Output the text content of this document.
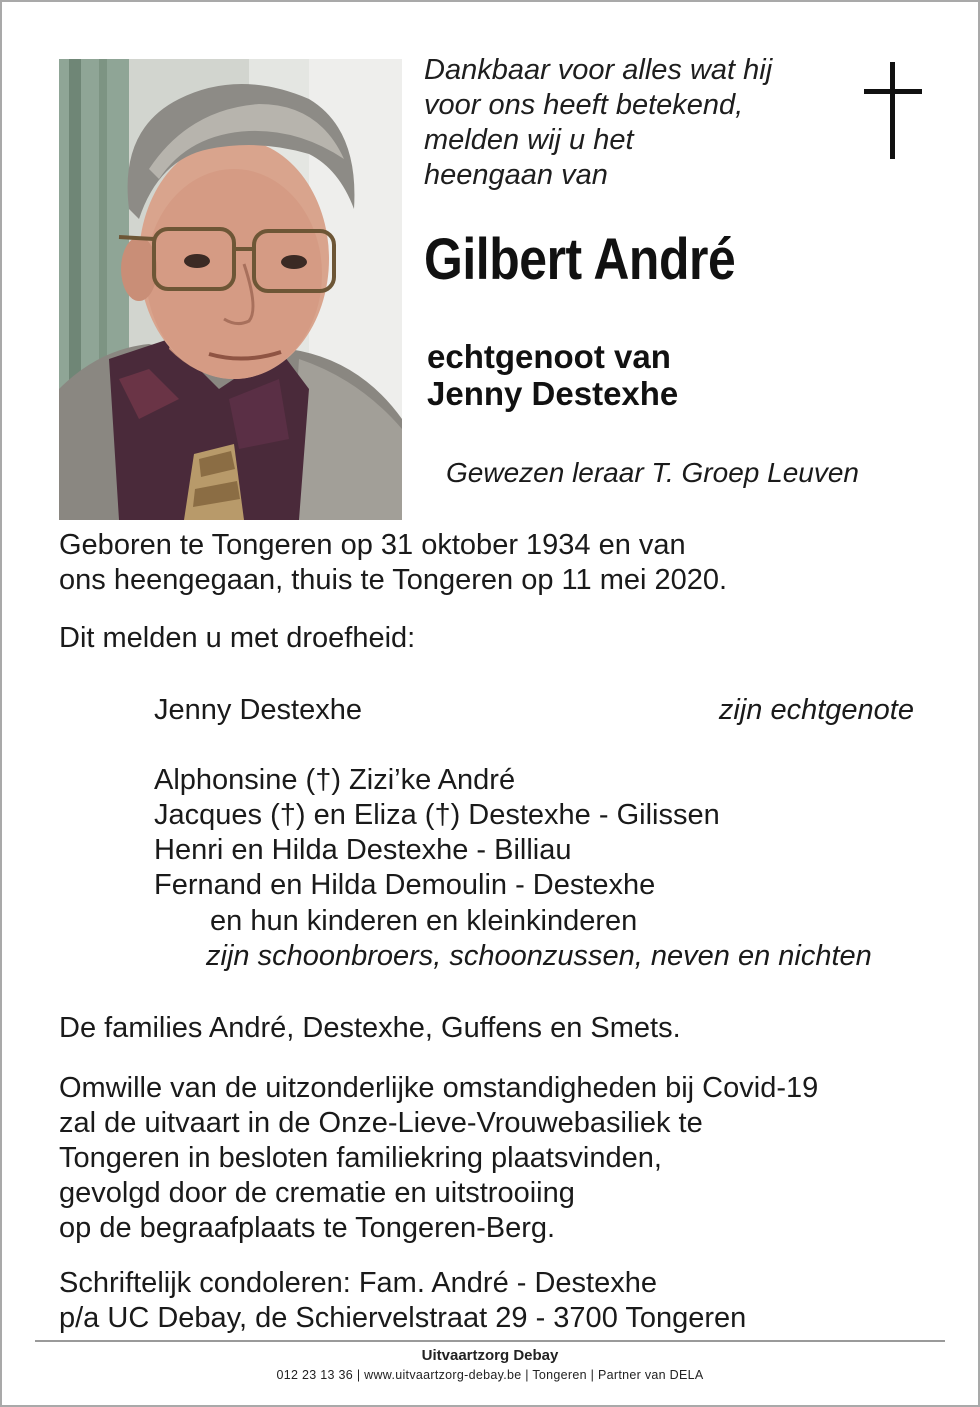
Dankbaar voor alles wat hij
voor ons heeft betekend,
melden wij u het
heengaan van
Gilbert André
echtgenoot van
Jenny Destexhe
Gewezen leraar T. Groep Leuven
Geboren te Tongeren op 31 oktober 1934 en van
ons heengegaan, thuis te Tongeren op 11 mei 2020.
Dit melden u met droefheid:
Jenny Destexhe	zijn echtgenote
Alphonsine (†) Zizi’ke André
Jacques (†) en Eliza (†) Destexhe - Gilissen
Henri en Hilda Destexhe - Billiau
Fernand en Hilda Demoulin - Destexhe
en hun kinderen en kleinkinderen
zijn schoonbroers, schoonzussen, neven en nichten
De families André, Destexhe, Guffens en Smets.
Omwille van de uitzonderlijke omstandigheden bij Covid-19
zal de uitvaart in de Onze-Lieve-Vrouwebasiliek te
Tongeren in besloten familiekring plaatsvinden,
gevolgd door de crematie en uitstrooiing
op de begraafplaats te Tongeren-Berg.
Schriftelijk condoleren: Fam. André - Destexhe
p/a UC Debay, de Schiervelstraat 29 - 3700 Tongeren
Uitvaartzorg Debay
012 23 13 36 | www.uitvaartzorg-debay.be | Tongeren | Partner van DELA
